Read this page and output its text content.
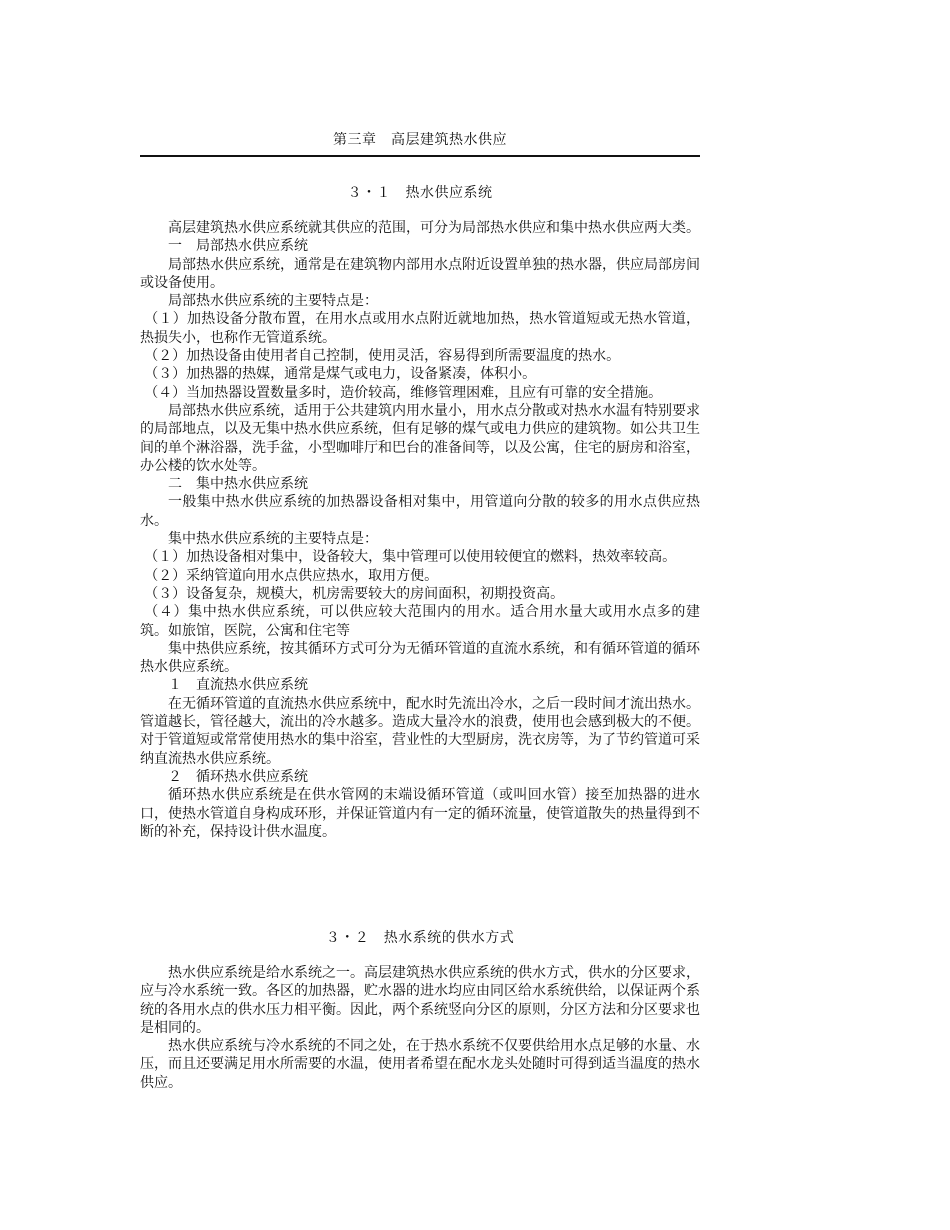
第三章　高层建筑热水供应
３・１　热水供应系统

高层建筑热水供应系统就其供应的范围，可分为局部热水供应和集中热水供应两大类。

一　局部热水供应系统

局部热水供应系统，通常是在建筑物内部用水点附近设置单独的热水器，供应局部房间或设备使用。

局部热水供应系统的主要特点是：

（１）加热设备分散布置，在用水点或用水点附近就地加热，热水管道短或无热水管道，热损失小，也称作无管道系统。

（２）加热设备由使用者自己控制，使用灵活，容易得到所需要温度的热水。

（３）加热器的热媒，通常是煤气或电力，设备紧凑，体积小。

（４）当加热器设置数量多时，造价较高，维修管理困难，且应有可靠的安全措施。

局部热水供应系统，适用于公共建筑内用水量小，用水点分散或对热水水温有特别要求的局部地点，以及无集中热水供应系统，但有足够的煤气或电力供应的建筑物。如公共卫生间的单个淋浴器，洗手盆，小型咖啡厅和巴台的准备间等，以及公寓，住宅的厨房和浴室，办公楼的饮水处等。

二　集中热水供应系统

一般集中热水供应系统的加热器设备相对集中，用管道向分散的较多的用水点供应热水。

集中热水供应系统的主要特点是：

（１）加热设备相对集中，设备较大，集中管理可以使用较便宜的燃料，热效率较高。

（２）采纳管道向用水点供应热水，取用方便。

（３）设备复杂，规模大，机房需要较大的房间面积，初期投资高。

（４）集中热水供应系统，可以供应较大范围内的用水。适合用水量大或用水点多的建筑。如旅馆，医院，公寓和住宅等

集中热供应系统，按其循环方式可分为无循环管道的直流水系统，和有循环管道的循环热水供应系统。

１　直流热水供应系统

在无循环管道的直流热水供应系统中，配水时先流出冷水，之后一段时间才流出热水。管道越长，管径越大，流出的冷水越多。造成大量冷水的浪费，使用也会感到极大的不便。对于管道短或常常使用热水的集中浴室，营业性的大型厨房，洗衣房等，为了节约管道可采纳直流热水供应系统。

２　循环热水供应系统

循环热水供应系统是在供水管网的末端设循环管道（或叫回水管）接至加热器的进水口，使热水管道自身构成环形，并保证管道内有一定的循环流量，使管道散失的热量得到不断的补充，保持设计供水温度。

３・２　热水系统的供水方式

热水供应系统是给水系统之一。高层建筑热水供应系统的供水方式，供水的分区要求，应与冷水系统一致。各区的加热器，贮水器的进水均应由同区给水系统供给，以保证两个系统的各用水点的供水压力相平衡。因此，两个系统竖向分区的原则，分区方法和分区要求也是相同的。

热水供应系统与冷水系统的不同之处，在于热水系统不仅要供给用水点足够的水量、水压，而且还要满足用水所需要的水温，使用者希望在配水龙头处随时可得到适当温度的热水供应。
